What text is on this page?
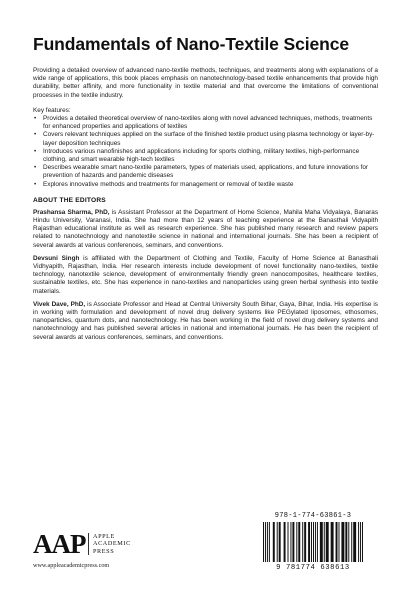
Fundamentals of Nano-Textile Science

Providing a detailed overview of advanced nano-textile methods, techniques, and treatments along with explanations of a wide range of applications, this book places emphasis on nanotechnology-based textile enhancements that provide high durability, better affinity, and more functionality in textile material and that overcome the limitations of conventional processes in the textile industry.

Key features:

• Provides a detailed theoretical overview of nano-textiles along with novel advanced techniques, methods, treatments for enhanced properties and applications of textiles
• Covers relevant techniques applied on the surface of the finished textile product using plasma technology or layer-by-layer deposition techniques
• Introduces various nanofinishes and applications including for sports clothing, military textiles, high-performance clothing, and smart wearable high-tech textiles
• Describes wearable smart nano-textile parameters, types of materials used, applications, and future innovations for prevention of hazards and pandemic diseases
• Explores innovative methods and treatments for management or removal of textile waste
ABOUT THE EDITORS

Prashansa Sharma, PhD, is Assistant Professor at the Department of Home Science, Mahila Maha Vidyalaya, Banaras Hindu University, Varanasi, India. She had more than 12 years of teaching experience at the Banasthali Vidyapith Rajasthan educational institute as well as research experience. She has published many research and review papers related to nanotechnology and nanotextile science in national and international journals. She has been a recipient of several awards at various conferences, seminars, and conventions.

Devsuni Singh is affiliated with the Department of Clothing and Textile, Faculty of Home Science at Banasthali Vidhyapith, Rajasthan, India. Her research interests include development of novel functionality nano-textiles, textile technology, nanotextile science, development of environmentally friendly green nanocomposites, healthcare textiles, sustainable textiles, etc. She has experience in nano-textiles and nanoparticles using green herbal synthesis into textile materials.

Vivek Dave, PhD, is Associate Professor and Head at Central University South Bihar, Gaya, Bihar, India. His expertise is in working with formulation and development of novel drug delivery systems like PEGylated liposomes, ethosomes, nanoparticles, quantum dots, and nanotechnology. He has been working in the field of novel drug delivery systems and nanotechnology and has published several articles in national and international journals. He has been the recipient of several awards at various conferences, seminars, and conventions.

AAP APPLE
ACADEMIC
PRESS
www.appleacademicpress.com
978-1-774-63861-3
9 781774 638613
